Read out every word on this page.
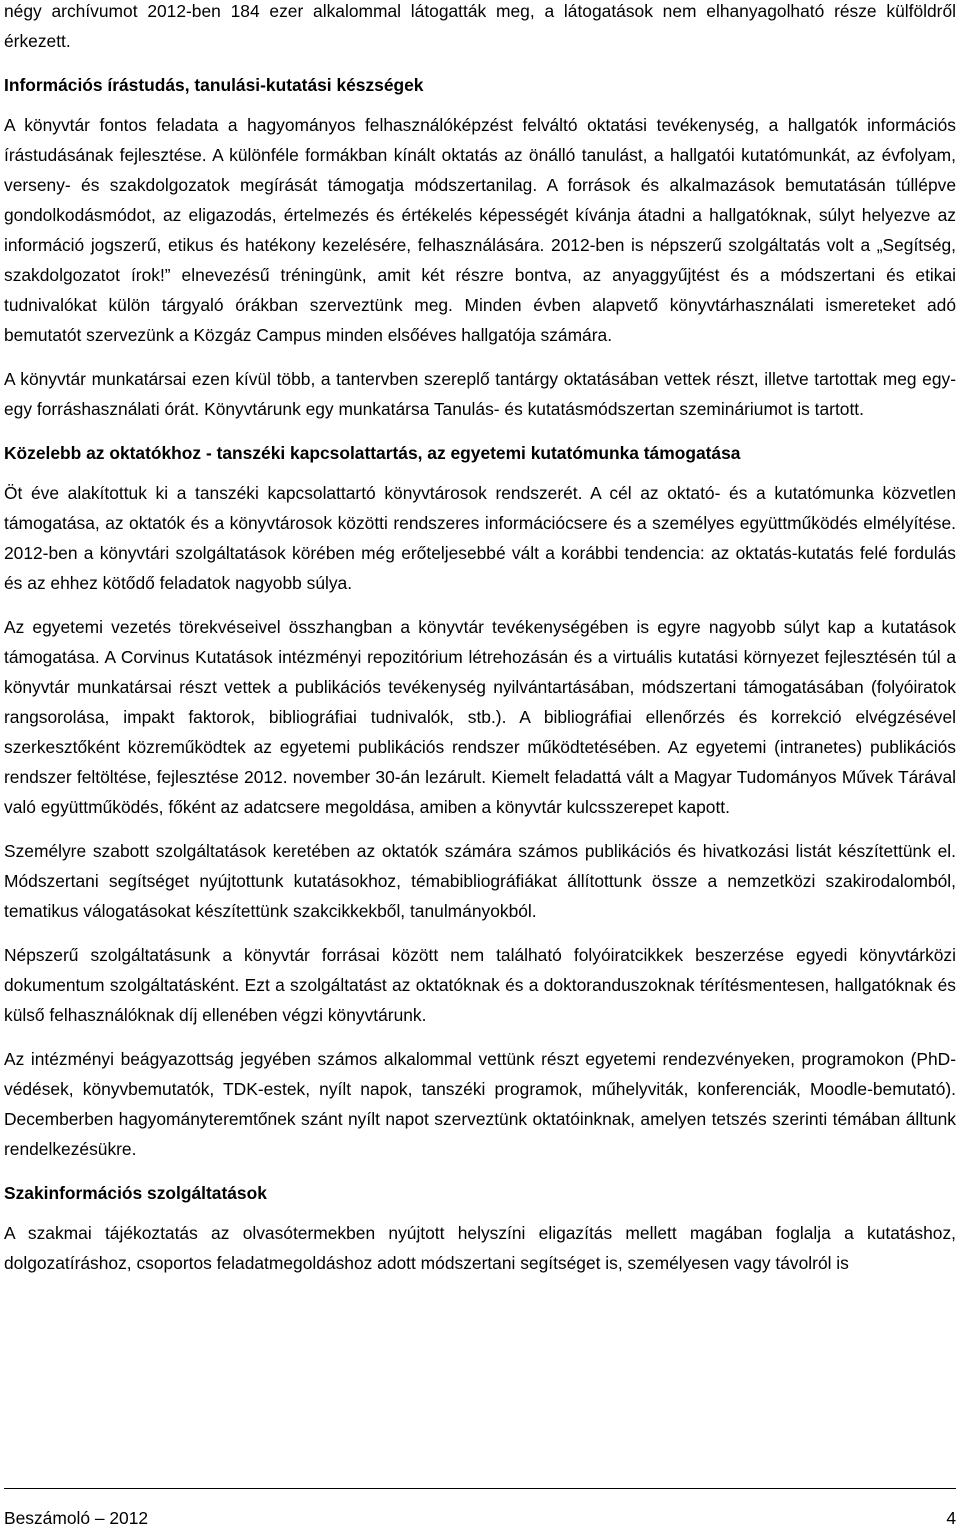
négy archívumot 2012-ben 184 ezer alkalommal látogatták meg, a látogatások nem elhanyagolható része külföldről érkezett.

Információs írástudás, tanulási-kutatási készségek

A könyvtár fontos feladata a hagyományos felhasználóképzést felváltó oktatási tevékenység, a hallgatók információs írástudásának fejlesztése. A különféle formákban kínált oktatás az önálló tanulást, a hallgatói kutatómunkát, az évfolyam, verseny- és szakdolgozatok megírását támogatja módszertanilag. A források és alkalmazások bemutatásán túllépve gondolkodásmódot, az eligazodás, értelmezés és értékelés képességét kívánja átadni a hallgatóknak, súlyt helyezve az információ jogszerű, etikus és hatékony kezelésére, felhasználására. 2012-ben is népszerű szolgáltatás volt a „Segítség, szakdolgozatot írok!” elnevezésű tréningünk, amit két részre bontva, az anyaggyűjtést és a módszertani és etikai tudnivalókat külön tárgyaló órákban szerveztünk meg. Minden évben alapvető könyvtárhasználati ismereteket adó bemutatót szervezünk a Közgáz Campus minden elsőéves hallgatója számára.

A könyvtár munkatársai ezen kívül több, a tantervben szereplő tantárgy oktatásában vettek részt, illetve tartottak meg egy-egy forráshasználati órát. Könyvtárunk egy munkatársa Tanulás- és kutatásmódszertan szemináriumot is tartott.

Közelebb az oktatókhoz - tanszéki kapcsolattartás, az egyetemi kutatómunka támogatása

Öt éve alakítottuk ki a tanszéki kapcsolattartó könyvtárosok rendszerét. A cél az oktató- és a kutatómunka közvetlen támogatása, az oktatók és a könyvtárosok közötti rendszeres információcsere és a személyes együttműködés elmélyítése. 2012-ben a könyvtári szolgáltatások körében még erőteljesebbé vált a korábbi tendencia: az oktatás-kutatás felé fordulás és az ehhez kötődő feladatok nagyobb súlya.

Az egyetemi vezetés törekvéseivel összhangban a könyvtár tevékenységében is egyre nagyobb súlyt kap a kutatások támogatása. A Corvinus Kutatások intézményi repozitórium létrehozásán és a virtuális kutatási környezet fejlesztésén túl a könyvtár munkatársai részt vettek a publikációs tevékenység nyilvántartásában, módszertani támogatásában (folyóiratok rangsorolása, impakt faktorok, bibliográfiai tudnivalók, stb.). A bibliográfiai ellenőrzés és korrekció elvégzésével szerkesztőként közreműködtek az egyetemi publikációs rendszer működtetésében. Az egyetemi (intranetes) publikációs rendszer feltöltése, fejlesztése 2012. november 30-án lezárult. Kiemelt feladattá vált a Magyar Tudományos Művek Tárával való együttműködés, főként az adatcsere megoldása, amiben a könyvtár kulcsszerepet kapott.

Személyre szabott szolgáltatások keretében az oktatók számára számos publikációs és hivatkozási listát készítettünk el. Módszertani segítséget nyújtottunk kutatásokhoz, témabibliográfiákat állítottunk össze a nemzetközi szakirodalomból, tematikus válogatásokat készítettünk szakcikkekből, tanulmányokból.

Népszerű szolgáltatásunk a könyvtár forrásai között nem található folyóiratcikkek beszerzése egyedi könyvtárközi dokumentum szolgáltatásként. Ezt a szolgáltatást az oktatóknak és a doktoranduszoknak térítésmentesen, hallgatóknak és külső felhasználóknak díj ellenében végzi könyvtárunk.

Az intézményi beágyazottság jegyében számos alkalommal vettünk részt egyetemi rendezvényeken, programokon (PhD-védések, könyvbemutatók, TDK-estek, nyílt napok, tanszéki programok, műhelyviták, konferenciák, Moodle-bemutató). Decemberben hagyományteremtőnek szánt nyílt napot szerveztünk oktatóinknak, amelyen tetszés szerinti témában álltunk rendelkezésükre.

Szakinformációs szolgáltatások

A szakmai tájékoztatás az olvasótermekben nyújtott helyszíni eligazítás mellett magában foglalja a kutatáshoz, dolgozatíráshoz, csoportos feladatmegoldáshoz adott módszertani segítséget is, személyesen vagy távolról is

Beszámoló – 2012	4
